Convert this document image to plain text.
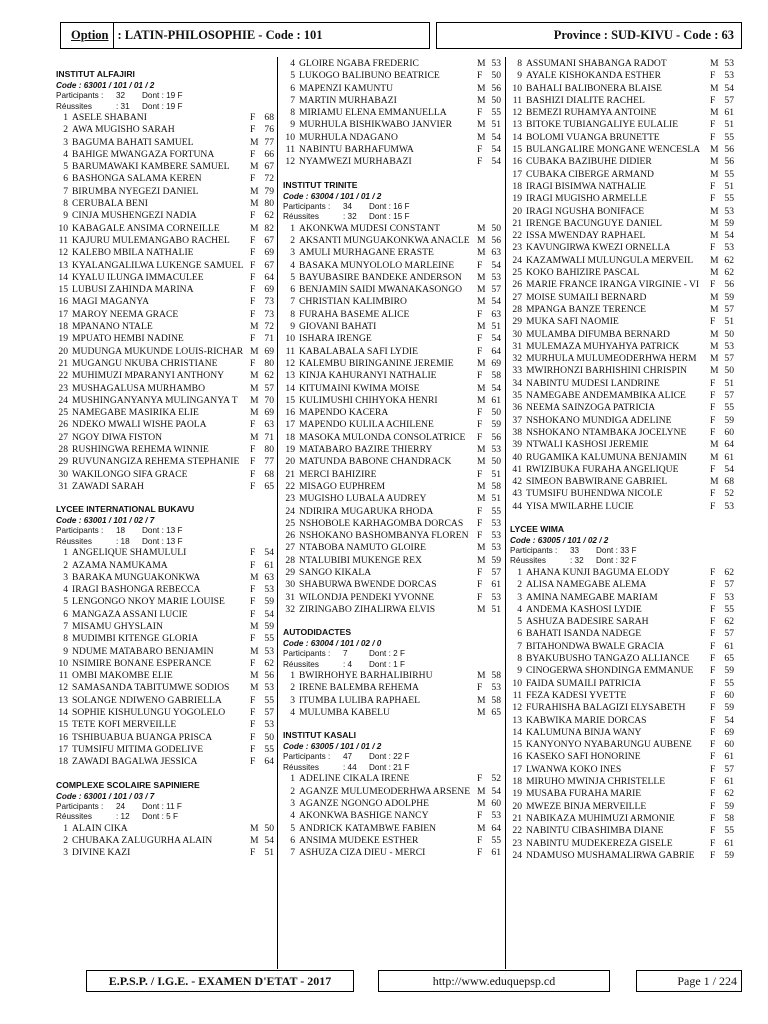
Option : LATIN-PHILOSOPHIE - Code : 101	Province : SUD-KIVU - Code : 63
INSTITUT ALFAJIRI
Code : 63001 / 101 / 01 / 2
Participants :	32	Dont : 19 F
Réussites	: 31	Dont : 19 F
1 ASELE SHABANI	F 68
2 AWA MUGISHO SARAH	F 76
3 BAGUMA BAHATI SAMUEL	M 77
4 BAHIGE MWANGAZA FORTUNA	F 66
5 BARUMAWAKI KAMBERE SAMUEL	M 67
6 BASHONGA SALAMA KEREN	F 72
7 BIRUMBA NYEGEZI DANIEL	M 79
8 CERUBALA BENI	M 80
9 CINJA MUSHENGEZI NADIA	F 62
10 KABAGALE ANSIMA CORNEILLE	M 82
11 KAJURU MULEMANGABO RACHEL	F 67
12 KALEBO MBILA NATHALIE	F 69
13 KYALANGALILWA LUKENGE SAMUEL F 67
14 KYALU ILUNGA IMMACULEE	F 64
15 LUBUSI ZAHINDA MARINA	F 69
16 MAGI MAGANYA	F 73
17 MAROY NEEMA GRACE	F 73
18 MPANANO NTALE	M 72
19 MPUATO HEMBI NADINE	F 71
20 MUDUNGA MUKUNDE LOUIS-RICHAR M 69
21 MUGANGU NKUBA CHRISTIANE	F 80
22 MUHIMUZI MPARANYI ANTHONY	M 62
23 MUSHAGALUSA MURHAMBO	M 57
24 MUSHINGANYANYA MULINGANYA T	M 70
25 NAMEGABE MASIRIKA ELIE	M 69
26 NDEKO MWALI WISHE PAOLA	F 63
27 NGOY DIWA FISTON	M 71
28 RUSHINGWA REHEMA WINNIE	F 80
29 RUVUNANGIZA REHEMA STEPHANIE	F 77
30 WAKILONGO SIFA GRACE	F 68
31 ZAWADI SARAH	F 65
LYCEE INTERNATIONAL BUKAVU
Code : 63001 / 101 / 02 / 7
Participants :	18	Dont : 13 F
Réussites	: 18	Dont : 13 F
1 ANGELIQUE SHAMULULI	F 54
2 AZAMA NAMUKAMA	F 61
3 BARAKA MUNGUAKONKWA	M 63
4 IRAGI BASHONGA REBECCA	F 53
5 LENGONGO NKOY MARIE LOUISE	F 59
6 MANGAZA ASSANI LUCIE	F 54
7 MISAMU GHYSLAIN	M 59
8 MUDIMBI KITENGE GLORIA	F 55
9 NDUME MATABARO BENJAMIN	M 53
10 NSIMIRE BONANE ESPERANCE	F 62
11 OMBI MAKOMBE ELIE	M 56
12 SAMASANDA TABITUMWE SODIOS	M 53
13 SOLANGE NDIWENO GABRIELLA	F 55
14 SOPHIE KISHULUNGU YOGOLELO	F 57
15 TETE KOFI MERVEILLE	F 53
16 TSHIBUABUA BUANGA PRISCA	F 50
17 TUMSIFU MITIMA GODELIVE	F 55
18 ZAWADI BAGALWA JESSICA	F 64
COMPLEXE SCOLAIRE SAPINIERE
Code : 63001 / 101 / 03 / 7
Participants :	24	Dont : 11 F
Réussites	: 12	Dont : 5 F
1 ALAIN CIKA	M 50
2 CHUBAKA ZALUGURHA ALAIN	M 54
3 DIVINE KAZI	F 51
4 GLOIRE NGABA FREDERIC	M 53
5 LUKOGO BALIBUNO BEATRICE	F 50
6 MAPENZI KAMUNTU	M 56
7 MARTIN MURHABAZI	M 50
8 MIRIAMU ELENA EMMANUELLA	F 55
9 MURHULA BISHIKWABO JANVIER	M 51
10 MURHULA NDAGANO	M 54
11 NABINTU BARHAFUMWA	F 54
12 NYAMWEZI MURHABAZI	F 54
INSTITUT TRINITE
Code : 63004 / 101 / 01 / 2
Participants :	34	Dont : 16 F
Réussites	: 32	Dont : 15 F
1 AKONKWA MUDESI CONSTANT	M 50
2 AKSANTI MUNGUAKONKWA ANACLE M 56
3 AMULI MURHAGANE ERASTE	M 63
4 BASAKA MUNYOLOLO MARLEINE	F 54
5 BAYUBASIRE BANDEKE ANDERSON	M 53
6 BENJAMIN SAIDI MWANAKASONGO	M 57
7 CHRISTIAN KALIMBIRO	M 54
8 FURAHA BASEME ALICE	F 63
9 GIOVANI BAHATI	M 51
10 ISHARA IRENGE	F 54
11 KABALABALA SAFI LYDIE	F 64
12 KALEMBU BIRINGANINE JEREMIE	M 69
13 KINJA KAHURANYI NATHALIE	F 58
14 KITUMAINI KWIMA MOISE	M 54
15 KULIMUSHI CHIHYOKA HENRI	M 61
16 MAPENDO KACERA	F 50
17 MAPENDO KULILA ACHILENE	F 59
18 MASOKA MULONDA CONSOLATRICE	F 56
19 MATABARO BAZIRE THIERRY	M 53
20 MATUNDA BABONE CHANDRACK	M 50
21 MERCI BAHIZIRE	F 51
22 MISAGO EUPHREM	M 58
23 MUGISHO LUBALA AUDREY	M 51
24 NDIRIRA MUGARUKA RHODA	F 55
25 NSHOBOLE KARHAGOMBA DORCAS	F 53
26 NSHOKANO BASHOMBANYA FLOREN F 53
27 NTABOBA NAMUTO GLOIRE	M 53
28 NTALUBIBI MUKENGE REX	M 59
29 SANGO KIKALA	F 57
30 SHABURWA BWENDE DORCAS	F 61
31 WILONDJA PENDEKI YVONNE	F 53
32 ZIRINGABO ZIHALIRWA ELVIS	M 51
AUTODIDACTES
Code : 63004 / 101 / 02 / 0
Participants :	7	Dont : 2 F
Réussites	: 4	Dont : 1 F
1 BWIRHOHYE BARHALIBIRHU	M 58
2 IRENE BALEMBA REHEMA	F 53
3 ITUMBA LULIBA RAPHAEL	M 58
4 MULUMBA KABELU	M 65
INSTITUT KASALI
Code : 63005 / 101 / 01 / 2
Participants :	47	Dont : 22 F
Réussites	: 44	Dont : 21 F
1 ADELINE CIKALA IRENE	F 52
2 AGANZE MULUMEODERHWA ARSENE M 54
3 AGANZE NGONGO ADOLPHE	M 60
4 AKONKWA BASHIGE NANCY	F 53
5 ANDRICK KATAMBWE FABIEN	M 64
6 ANSIMA MUDEKE ESTHER	F 55
7 ASHUZA CIZA DIEU - MERCI	F 61
8 ASSUMANI SHABANGA RADOT	M 53
9 AYALE KISHOKANDA ESTHER	F 53
10 BAHALI BALIBONERA BLAISE	M 54
11 BASHIZI DIALITE RACHEL	F 57
12 BEMEZI RUHAMYA ANTOINE	M 61
13 BITOKE TUBIANGALIYE EULALIE	F 51
14 BOLOMI VUANGA BRUNETTE	F 55
15 BULANGALIRE MONGANE WENCESLA	M 56
16 CUBAKA BAZIBUHE DIDIER	M 56
17 CUBAKA CIBERGE ARMAND	M 55
18 IRAGI BISIMWA NATHALIE	F 51
19 IRAGI MUGISHO ARMELLE	F 55
20 IRAGI NGUSHA BONIFACE	M 53
21 IRENGE BACUNGUYE DANIEL	M 59
22 ISSA MWENDAY RAPHAEL	M 54
23 KAVUNGIRWA KWEZI ORNELLA	F 53
24 KAZAMWALI MULUNGULA MERVEIL	M 62
25 KOKO BAHIZIRE PASCAL	M 62
26 MARIE FRANCE IRANGA VIRGINIE - VI	F 56
27 MOISE SUMAILI BERNARD	M 59
28 MPANGA BANZE TERENCE	M 57
29 MUKA SAFI NAOMIE	F 51
30 MULAMBA DIFUMBA BERNARD	M 50
31 MULEMAZA MUHYAHYA PATRICK	M 53
32 MURHULA MULUMEODERHWA HERM	M 57
33 MWIRHONZI BARHISHINI CHRISPIN	M 50
34 NABINTU MUDESI LANDRINE	F 51
35 NAMEGABE ANDEMAMBIKA ALICE	F 57
36 NEEMA SAINZOGA PATRICIA	F 55
37 NSHOKANO MUNDIGA ADELINE	F 59
38 NSHOKANO NTAMBAKA JOCELYNE	F 60
39 NTWALI KASHOSI JEREMIE	M 64
40 RUGAMIKA KALUMUNA BENJAMIN	M 61
41 RWIZIBUKA FURAHA ANGELIQUE	F 54
42 SIMEON BABWIRANE GABRIEL	M 68
43 TUMSIFU BUHENDWA NICOLE	F 52
44 YISA MWILARHE LUCIE	F 53
LYCEE WIMA
Code : 63005 / 101 / 02 / 2
Participants :	33	Dont : 33 F
Réussites	: 32	Dont : 32 F
1 AHANA KUNJI BAGUMA ELODY	F 62
2 ALISA NAMEGABE ALEMA	F 57
3 AMINA NAMEGABE MARIAM	F 53
4 ANDEMA KASHOSI LYDIE	F 55
5 ASHUZA BADESIRE SARAH	F 62
6 BAHATI ISANDA NADEGE	F 57
7 BITAHONDWA BWALE GRACIA	F 61
8 BYAKUBUSHO TANGAZO ALLIANCE	F 65
9 CINOGERWA SHONDINGA EMMANUE	F 59
10 FAIDA SUMAILI PATRICIA	F 55
11 FEZA KADESI YVETTE	F 60
12 FURAHISHA BALAGIZI ELYSABETH	F 59
13 KABWIKA MARIE DORCAS	F 54
14 KALUMUNA BINJA WANY	F 69
15 KANYONYO NYABARUNGU AUBENE	F 60
16 KASEKO SAFI HONORINE	F 61
17 LWANWA KOKO INES	F 57
18 MIRUHO MWINJA CHRISTELLE	F 61
19 MUSABA FURAHA MARIE	F 62
20 MWEZE BINJA MERVEILLE	F 59
21 NABIKAZA MUHIMUZI ARMONIE	F 58
22 NABINTU CIBASHIMBA DIANE	F 55
23 NABINTU MUDEKEREZA GISELE	F 61
24 NDAMUSO MUSHAMALIRWA GABRIE	F 59
E.P.S.P. / I.G.E. - EXAMEN D'ETAT - 2017	http://www.eduquepsp.cd	Page 1 / 224
